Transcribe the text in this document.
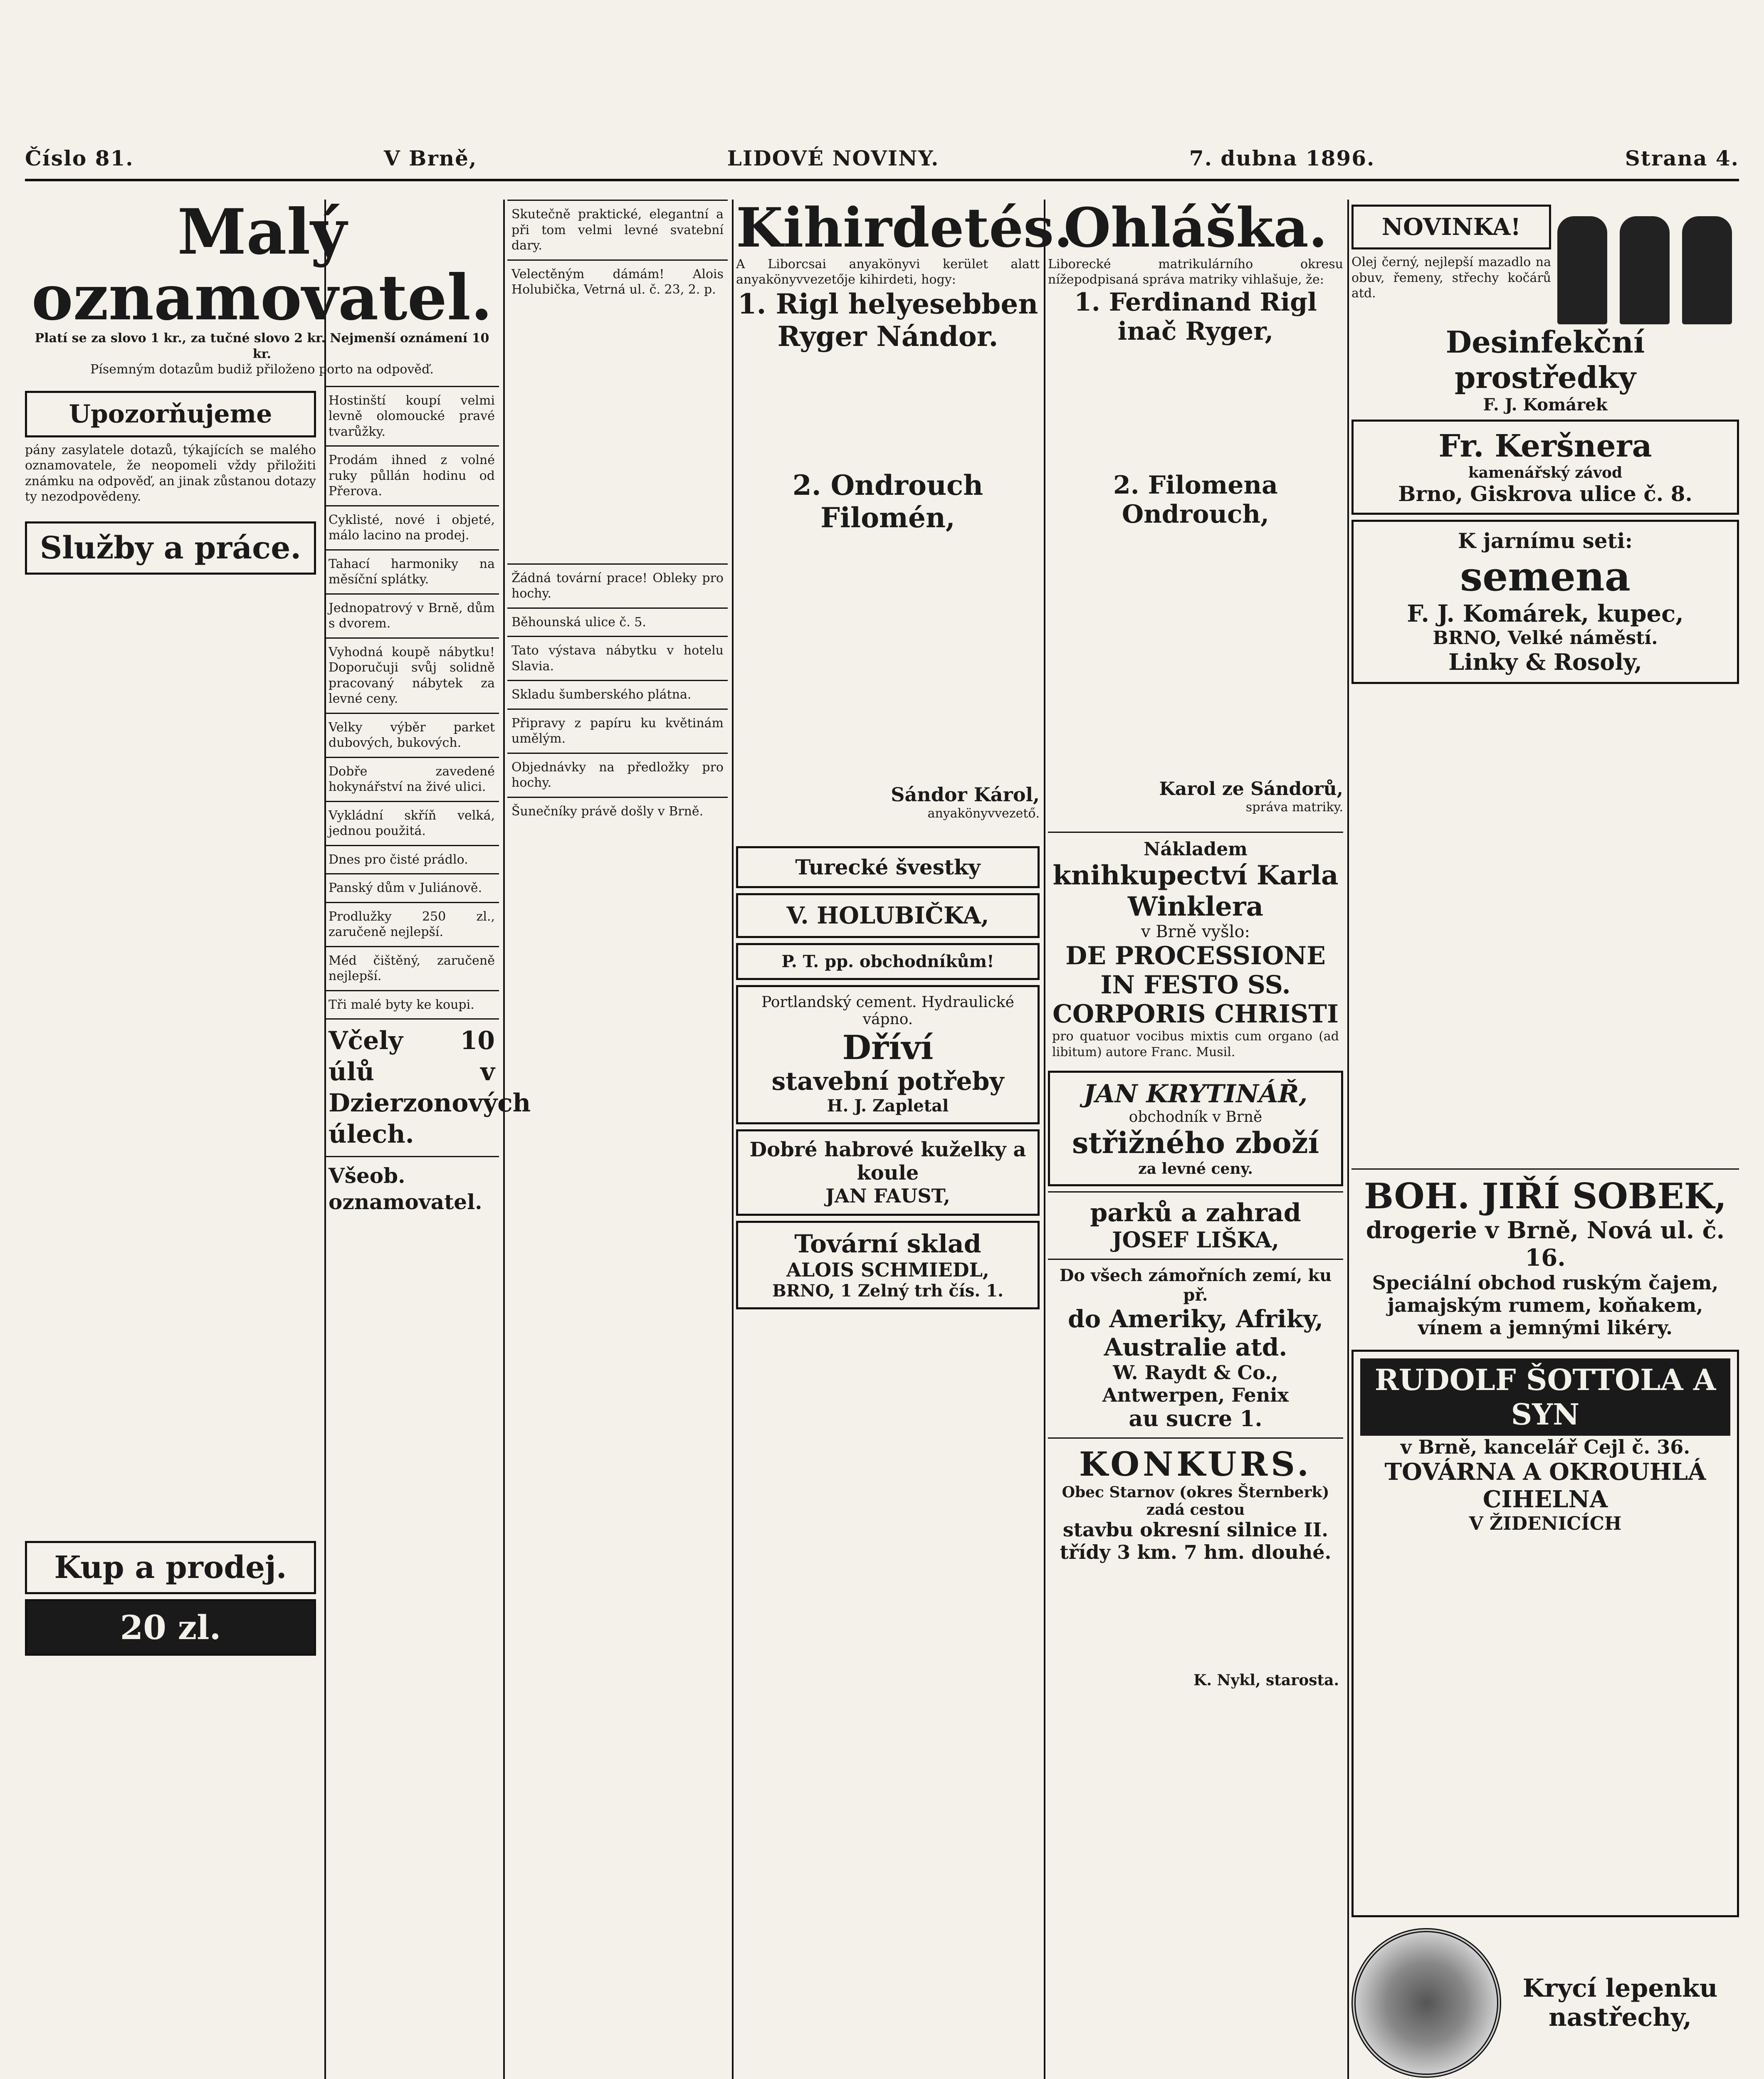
Číslo 81.	V Brně,	LIDOVÉ NOVINY.	7. dubna 1896.	Strana 4.
Malý oznamovatel.
Platí se za slovo 1 kr., za tučné slovo 2 kr. Nejmenší oznámení 10 kr.
Písemným dotazům budiž přiloženo porto na odpověď.
Upozorňujeme
pány zasylatele dotazů, týkajících se malého oznamovatele, že neopomeli vždy přiložiti známku na odpověď, an jinak zůstanou dotazy ty nezodpovědeny.
Služby a práce.
Kup a prodej.
20 zl.
Hostinští koupí velmi levně olomoucké pravé tvarůžky.
Prodám ihned z volné ruky půllán hodinu od Přerova.
Cyklisté, nové i objeté, málo lacino na prodej.
Tahací harmoniky na měsíční splátky.
Jednopatrový v Brně, dům s dvorem.
Vyhodná koupě nábytku! Doporučuji svůj solidně pracovaný nábytek za levné ceny.
Velky výběr parket dubových, bukových.
Dobře zavedené hokynářství na živé ulici.
Vykládní skříň velká, jednou použitá.
Dnes pro čisté prádlo.
Panský dům v Juliánově.
Prodlužky 250 zl., zaručeně nejlepší.
Méd čištěný, zaručeně nejlepší.
Tři malé byty ke koupi.
Včely 10 úlů v Dzierzonových úlech.
Všeob. oznamovatel.
Skutečně praktické, elegantní a při tom velmi levné svatební dary.
Velectěným dámám! Alois Holubička, Vetrná ul. č. 23, 2. p.
Žádná tovární prace! Obleky pro hochy.
Běhounská ulice č. 5.
Tato výstava nábytku v hotelu Slavia.
Skladu šumberského plátna.
Připravy z papíru ku květinám umělým.
Objednávky na předložky pro hochy.
Šunečníky právě došly v Brně.
Kihirdetés.
A Liborcsai anyakönyvi kerület alatt anyakönyvvezetője kihirdeti, hogy:
1. Rigl helyesebben Ryger Nándor.
2. Ondrouch Filomén,
Sándor Károl,
anyakönyvvezető.
Turecké švestky
V. HOLUBIČKA,
P. T. pp. obchodníkům!
Portlandský cement. Hydraulické vápno.
Dříví
stavební potřeby
H. J. Zapletal
Dobré habrové kuželky a koule
JAN FAUST,
Tovární sklad
ALOIS SCHMIEDL,
BRNO, 1 Zelný trh čís. 1.
Ohláška.
Liborecké matrikulárního okresu nížepodpisaná správa matriky vihlašuje, že:
1. Ferdinand Rigl inač Ryger,
2. Filomena Ondrouch,
Karol ze Sándorů,
správa matriky.
Nákladem
knihkupectví Karla Winklera
v Brně vyšlo:
DE PROCESSIONE IN FESTO SS. CORPORIS CHRISTI
pro quatuor vocibus mixtis cum organo (ad libitum) autore Franc. Musil.
JAN KRYTINÁŘ,
obchodník v Brně
střižného zboží
za levné ceny.
parků a zahrad
JOSEF LIŠKA,
Do všech zámořních zemí, ku př.
do Ameriky, Afriky, Australie atd.
W. Raydt & Co., Antwerpen, Fenix
au sucre 1.
KONKURS.
Obec Starnov (okres Šternberk) zadá cestou
stavbu okresní silnice II. třídy 3 km. 7 hm. dlouhé.
K. Nykl, starosta.
NOVINKA!
Olej černý, nejlepší mazadlo na obuv, řemeny, střechy kočárů atd.
Desinfekční prostředky
F. J. Komárek
Fr. Keršnera
kamenářský závod
Brno, Giskrova ulice č. 8.
K jarnímu seti:
semena
F. J. Komárek, kupec,
BRNO, Velké náměstí.
Linky & Rosoly,
BOH. JIŘÍ SOBEK,
drogerie v Brně, Nová ul. č. 16.
Speciální obchod ruským čajem, jamajským rumem, koňakem, vínem a jemnými likéry.
RUDOLF ŠOTTOLA A SYN
v Brně, kancelář Cejl č. 36.
TOVÁRNA A OKROUHLÁ CIHELNA
V ŽIDENICÍCH
Krycí lepenku nastřechy,
